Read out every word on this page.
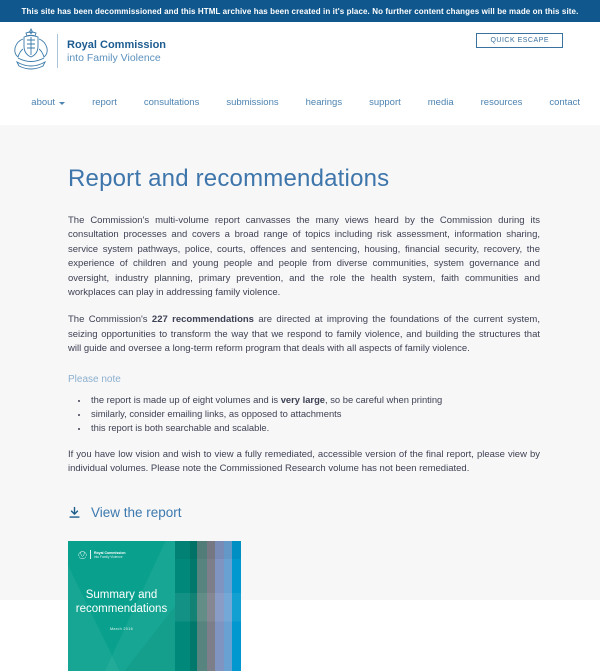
This site has been decommissioned and this HTML archive has been created in it's place. No further content changes will be made on this site.
Royal Commission
into Family Violence
QUICK ESCAPE
about	report	consultations	submissions	hearings	support	media	resources	contact
Report and recommendations

The Commission's multi-volume report canvasses the many views heard by the Commission during its consultation processes and covers a broad range of topics including risk assessment, information sharing, service system pathways, police, courts, offences and sentencing, housing, financial security, recovery, the experience of children and young people and people from diverse communities, system governance and oversight, industry planning, primary prevention, and the role the health system, faith communities and workplaces can play in addressing family violence.

The Commission's 227 recommendations are directed at improving the foundations of the current system, seizing opportunities to transform the way that we respond to family violence, and building the structures that will guide and oversee a long-term reform program that deals with all aspects of family violence.

Please note
• the report is made up of eight volumes and is very large, so be careful when printing
• similarly, consider emailing links, as opposed to attachments
• this report is both searchable and scalable.

If you have low vision and wish to view a fully remediated, accessible version of the final report, please view by individual volumes. Please note the Commissioned Research volume has not been remediated.

View the report
Royal Commission
into Family Violence
Summary and
recommendations
March 2016
